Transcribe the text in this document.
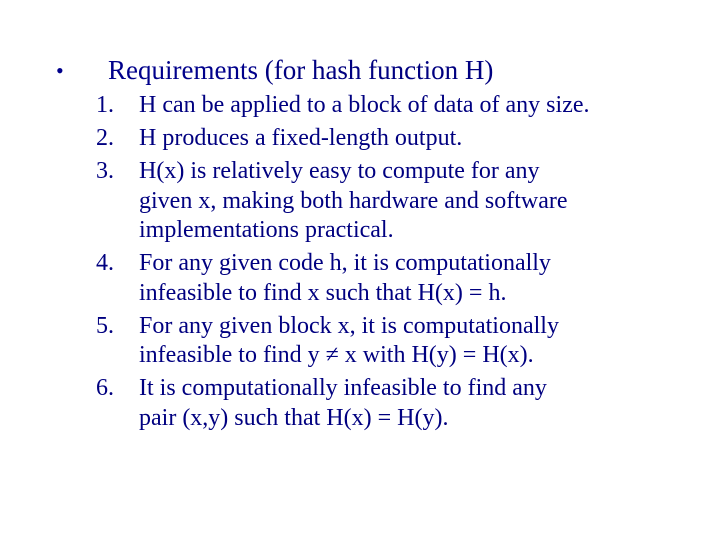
• Requirements (for hash function H)
1.	H can be applied to a block of data of any size.
2.	H produces a fixed-length output.
3.	H(x) is relatively easy to compute for any
given x, making both hardware and software
implementations practical.
4.	For any given code h, it is computationally
infeasible to find x such that H(x) = h.
5.	For any given block x, it is computationally
infeasible to find y ≠ x with H(y) = H(x).
6.	It is computationally infeasible to find any
pair (x,y) such that H(x) = H(y).
